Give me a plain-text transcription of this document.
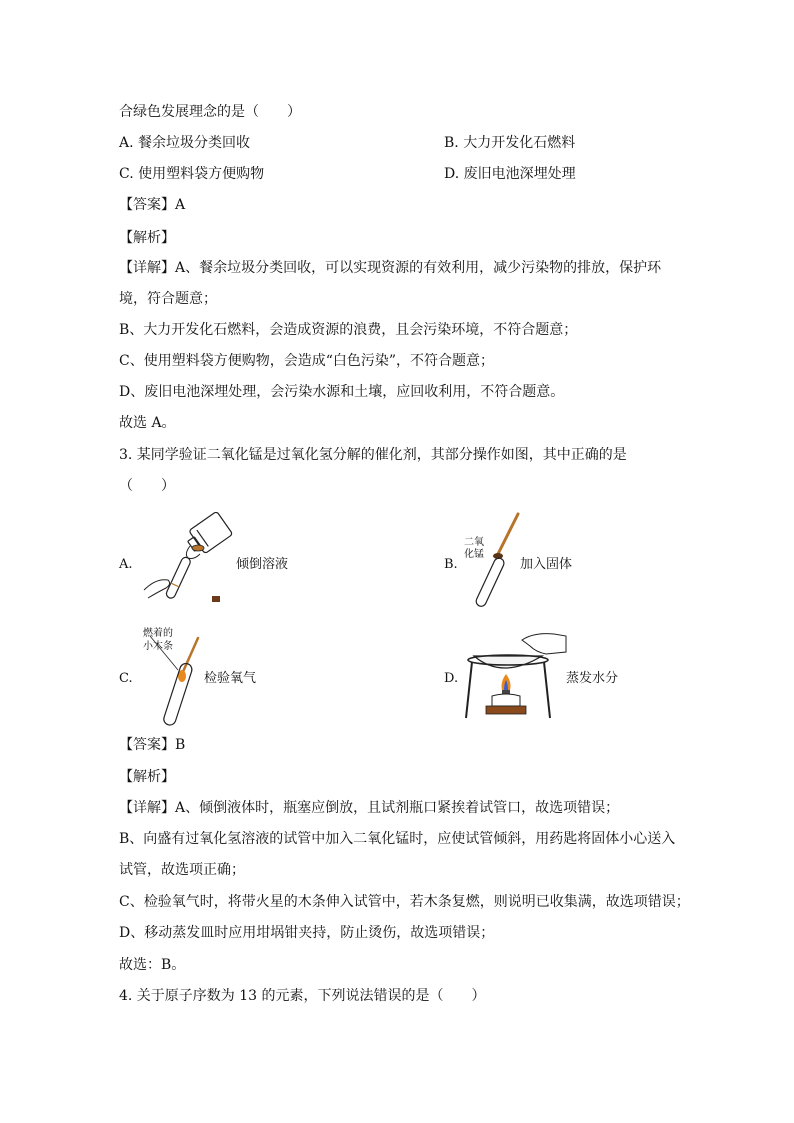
合绿色发展理念的是（　　）
A. 餐余垃圾分类回收	B. 大力开发化石燃料
C. 使用塑料袋方便购物	D. 废旧电池深埋处理
【答案】A
【解析】
【详解】A、餐余垃圾分类回收，可以实现资源的有效利用，减少污染物的排放，保护环
境，符合题意；
B、大力开发化石燃料，会造成资源的浪费，且会污染环境，不符合题意；
C、使用塑料袋方便购物，会造成“白色污染”，不符合题意；
D、废旧电池深埋处理，会污染水源和土壤，应回收利用，不符合题意。
故选 A。
3. 某同学验证二氧化锰是过氧化氢分解的催化剂，其部分操作如图，其中正确的是
（　　）
A.	倾倒溶液	B.
二氧
化锰
加入固体
C.
燃着的
小木条
检验氧气	D.	蒸发水分
【答案】B
【解析】
【详解】A、倾倒液体时，瓶塞应倒放，且试剂瓶口紧挨着试管口，故选项错误；
B、向盛有过氧化氢溶液的试管中加入二氧化锰时，应使试管倾斜，用药匙将固体小心送入
试管，故选项正确；
C、检验氧气时，将带火星的木条伸入试管中，若木条复燃，则说明已收集满，故选项错误；
D、移动蒸发皿时应用坩埚钳夹持，防止烫伤，故选项错误；
故选：B。
4. 关于原子序数为 13 的元素，下列说法错误的是（　　）
